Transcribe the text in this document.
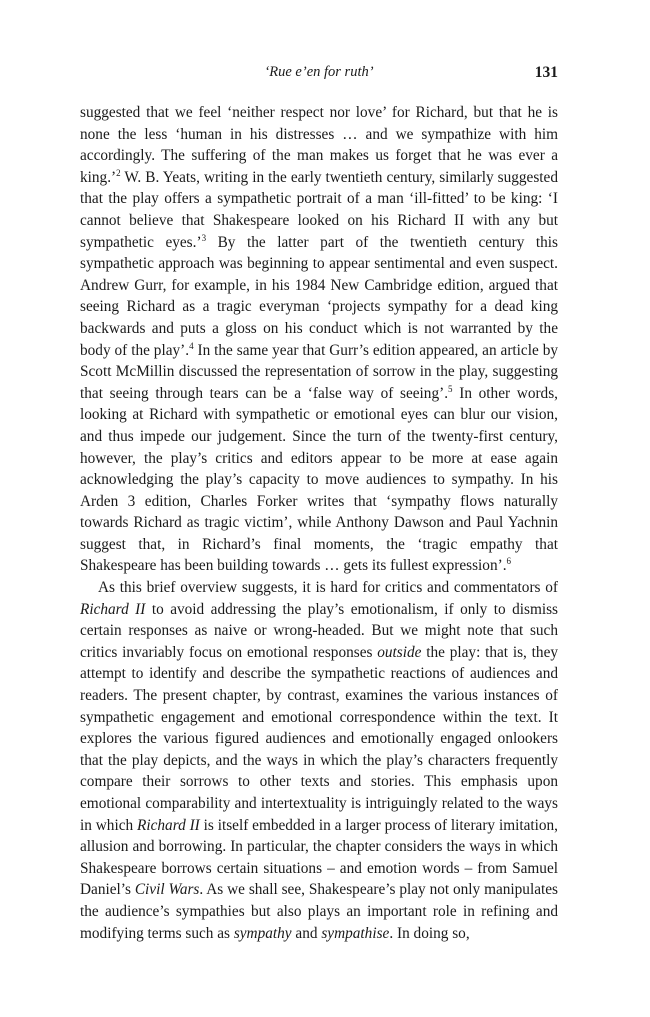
‘Rue e’en for ruth’	131

suggested that we feel ‘neither respect nor love’ for Richard, but that he is none the less ‘human in his distresses … and we sympathize with him accordingly. The suffering of the man makes us forget that he was ever a king.’$^2$ W. B. Yeats, writing in the early twentieth century, similarly suggested that the play offers a sympathetic portrait of a man ‘ill-fitted’ to be king: ‘I cannot believe that Shakespeare looked on his Richard II with any but sympathetic eyes.’$^3$ By the latter part of the twentieth century this sympathetic approach was beginning to appear sentimental and even suspect. Andrew Gurr, for example, in his 1984 New Cambridge edition, argued that seeing Richard as a tragic everyman ‘projects sympathy for a dead king backwards and puts a gloss on his conduct which is not warranted by the body of the play’.$^4$ In the same year that Gurr’s edition appeared, an article by Scott McMillin discussed the representation of sorrow in the play, suggesting that seeing through tears can be a ‘false way of seeing’.$^5$ In other words, looking at Richard with sympathetic or emotional eyes can blur our vision, and thus impede our judgement. Since the turn of the twenty-first century, however, the play’s critics and editors appear to be more at ease again acknowledging the play’s capacity to move audiences to sympathy. In his Arden 3 edition, Charles Forker writes that ‘sympathy flows naturally towards Richard as tragic victim’, while Anthony Dawson and Paul Yachnin suggest that, in Richard’s final moments, the ‘tragic empathy that Shakespeare has been building towards … gets its fullest expression’.$^6$

As this brief overview suggests, it is hard for critics and commentators of Richard II to avoid addressing the play’s emotionalism, if only to dismiss certain responses as naive or wrong-headed. But we might note that such critics invariably focus on emotional responses outside the play: that is, they attempt to identify and describe the sympathetic reactions of audiences and readers. The present chapter, by contrast, examines the various instances of sympathetic engagement and emotional correspondence within the text. It explores the various figured audiences and emotionally engaged onlookers that the play depicts, and the ways in which the play’s characters frequently compare their sorrows to other texts and stories. This emphasis upon emotional comparability and intertextuality is intriguingly related to the ways in which Richard II is itself embedded in a larger process of literary imitation, allusion and borrowing. In particular, the chapter considers the ways in which Shakespeare borrows certain situations – and emotion words – from Samuel Daniel’s Civil Wars. As we shall see, Shakespeare’s play not only manipulates the audience’s sympathies but also plays an important role in refining and modifying terms such as sympathy and sympathise. In doing so,
